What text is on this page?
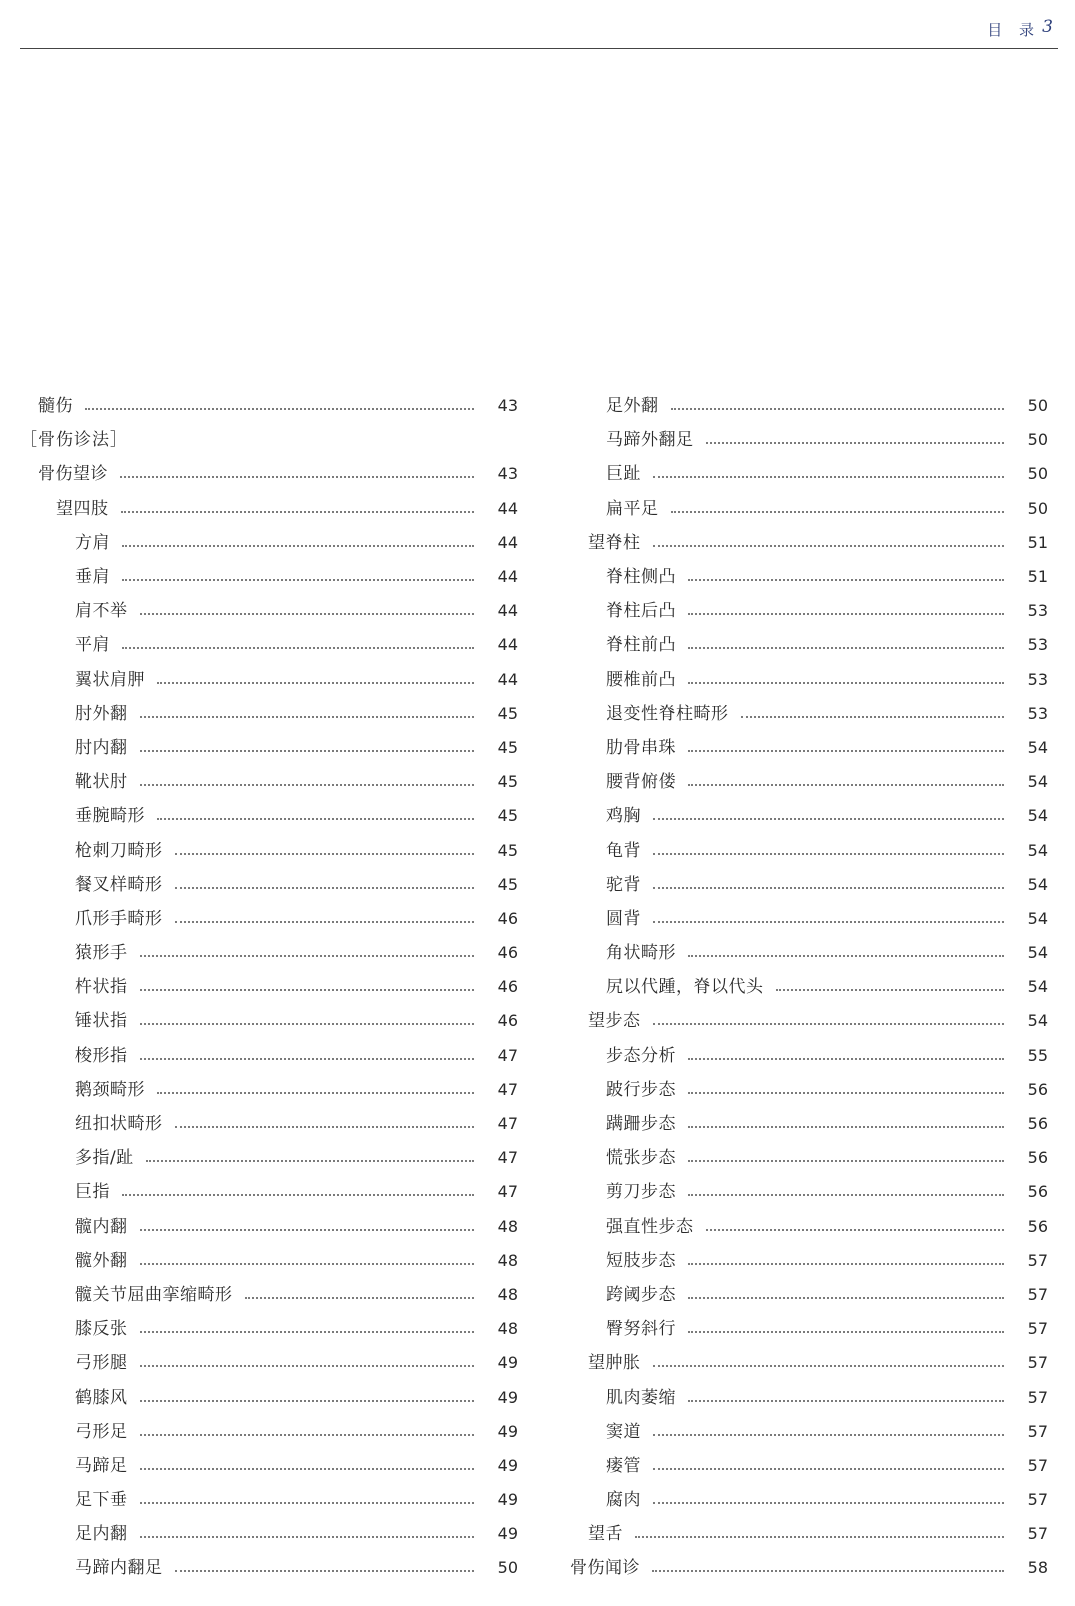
目 录 3
髓伤	43
［骨伤诊法］
骨伤望诊	43
望四肢	44
方肩	44
垂肩	44
肩不举	44
平肩	44
翼状肩胛	44
肘外翻	45
肘内翻	45
靴状肘	45
垂腕畸形	45
枪刺刀畸形	45
餐叉样畸形	45
爪形手畸形	46
猿形手	46
杵状指	46
锤状指	46
梭形指	47
鹅颈畸形	47
纽扣状畸形	47
多指/趾	47
巨指	47
髋内翻	48
髋外翻	48
髋关节屈曲挛缩畸形	48
膝反张	48
弓形腿	49
鹤膝风	49
弓形足	49
马蹄足	49
足下垂	49
足内翻	49
马蹄内翻足	50
足外翻	50
马蹄外翻足	50
巨趾	50
扁平足	50
望脊柱	51
脊柱侧凸	51
脊柱后凸	53
脊柱前凸	53
腰椎前凸	53
退变性脊柱畸形	53
肋骨串珠	54
腰背俯偻	54
鸡胸	54
龟背	54
驼背	54
圆背	54
角状畸形	54
尻以代踵，脊以代头	54
望步态	54
步态分析	55
跛行步态	56
蹒跚步态	56
慌张步态	56
剪刀步态	56
强直性步态	56
短肢步态	57
跨阈步态	57
臀努斜行	57
望肿胀	57
肌肉萎缩	57
窦道	57
瘘管	57
腐肉	57
望舌	57
骨伤闻诊	58
